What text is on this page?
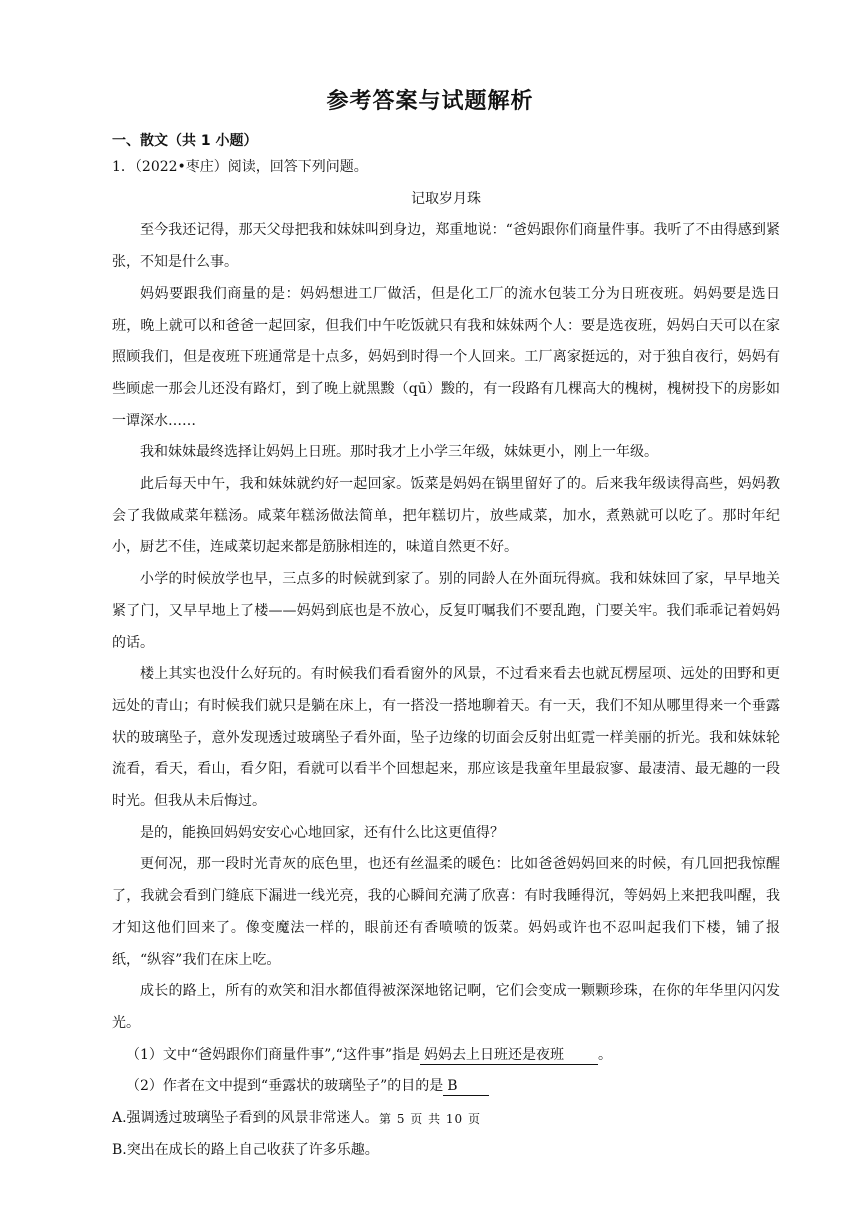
参考答案与试题解析
一、散文（共 1 小题）

1．（2022•枣庄）阅读，回答下列问题。

记取岁月珠

至今我还记得，那天父母把我和妹妹叫到身边，郑重地说：“爸妈跟你们商量件事。我听了不由得感到紧张，不知是什么事。

妈妈要跟我们商量的是：妈妈想进工厂做活，但是化工厂的流水包装工分为日班夜班。妈妈要是选日班，晚上就可以和爸爸一起回家，但我们中午吃饭就只有我和妹妹两个人：要是选夜班，妈妈白天可以在家照顾我们，但是夜班下班通常是十点多，妈妈到时得一个人回来。工厂离家挺远的，对于独自夜行，妈妈有些顾虑一那会儿还没有路灯，到了晚上就黑黢（qū）黢的，有一段路有几棵高大的槐树，槐树投下的房影如一谭深水……

我和妹妹最终选择让妈妈上日班。那时我才上小学三年级，妹妹更小，刚上一年级。

此后每天中午，我和妹妹就约好一起回家。饭菜是妈妈在锅里留好了的。后来我年级读得高些，妈妈教会了我做咸菜年糕汤。咸菜年糕汤做法简单，把年糕切片，放些咸菜，加水，煮熟就可以吃了。那时年纪小，厨艺不佳，连咸菜切起来都是筋脉相连的，味道自然更不好。

小学的时候放学也早，三点多的时候就到家了。别的同龄人在外面玩得疯。我和妹妹回了家，早早地关紧了门，又早早地上了楼——妈妈到底也是不放心，反复叮嘱我们不要乱跑，门要关牢。我们乖乖记着妈妈的话。

楼上其实也没什么好玩的。有时候我们看看窗外的风景，不过看来看去也就瓦楞屋项、远处的田野和更远处的青山；有时候我们就只是躺在床上，有一搭没一搭地聊着天。有一天，我们不知从哪里得来一个垂露状的玻璃坠子，意外发现透过玻璃坠子看外面，坠子边缘的切面会反射出虹霓一样美丽的折光。我和妹妹轮流看，看天，看山，看夕阳，看就可以看半个回想起来，那应该是我童年里最寂寥、最凄清、最无趣的一段时光。但我从未后悔过。

是的，能换回妈妈安安心心地回家，还有什么比这更值得？

更何况，那一段时光青灰的底色里，也还有丝温柔的暖色：比如爸爸妈妈回来的时候，有几回把我惊醒了，我就会看到门缝底下漏进一线光亮，我的心瞬间充满了欣喜：有时我睡得沉，等妈妈上来把我叫醒，我才知这他们回来了。像变魔法一样的，眼前还有香喷喷的饭菜。妈妈或许也不忍叫起我们下楼，铺了报纸，“纵容”我们在床上吃。

成长的路上，所有的欢笑和泪水都值得被深深地铭记啊，它们会变成一颗颗珍珠，在你的年华里闪闪发光。

（1）文中“爸妈跟你们商量件事”,“这件事”指是 妈妈去上日班还是夜班 。

（2）作者在文中提到“垂露状的玻璃坠子”的目的是 B

A.强调透过玻璃坠子看到的风景非常迷人。

B.突出在成长的路上自己收获了许多乐趣。

第 5 页 共 10 页
